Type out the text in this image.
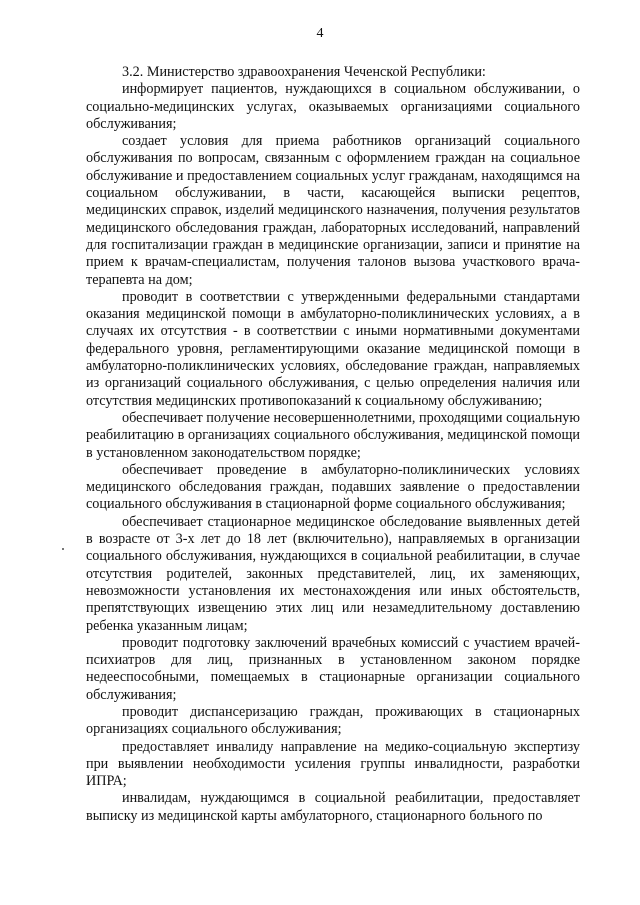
4

3.2. Министерство здравоохранения Чеченской Республики:

информирует пациентов, нуждающихся в социальном обслуживании, о социально-медицинских услугах, оказываемых организациями социального обслуживания;

создает условия для приема работников организаций социального обслуживания по вопросам, связанным с оформлением граждан на социальное обслуживание и предоставлением социальных услуг гражданам, находящимся на социальном обслуживании, в части, касающейся выписки рецептов, медицинских справок, изделий медицинского назначения, получения результатов медицинского обследования граждан, лабораторных исследований, направлений для госпитализации граждан в медицинские организации, записи и принятие на прием к врачам-специалистам, получения талонов вызова участкового врача-терапевта на дом;

проводит в соответствии с утвержденными федеральными стандартами оказания медицинской помощи в амбулаторно-поликлинических условиях, а в случаях их отсутствия - в соответствии с иными нормативными документами федерального уровня, регламентирующими оказание медицинской помощи в амбулаторно-поликлинических условиях, обследование граждан, направляемых из организаций социального обслуживания, с целью определения наличия или отсутствия медицинских противопоказаний к социальному обслуживанию;

обеспечивает получение несовершеннолетними, проходящими социальную реабилитацию в организациях социального обслуживания, медицинской помощи в установленном законодательством порядке;

обеспечивает проведение в амбулаторно-поликлинических условиях медицинского обследования граждан, подавших заявление о предоставлении социального обслуживания в стационарной форме социального обслуживания;

обеспечивает стационарное медицинское обследование выявленных детей в возрасте от 3-х лет до 18 лет (включительно), направляемых в организации социального обслуживания, нуждающихся в социальной реабилитации, в случае отсутствия родителей, законных представителей, лиц, их заменяющих, невозможности установления их местонахождения или иных обстоятельств, препятствующих извещению этих лиц или незамедлительному доставлению ребенка указанным лицам;

проводит подготовку заключений врачебных комиссий с участием врачей-психиатров для лиц, признанных в установленном законом порядке недееспособными, помещаемых в стационарные организации социального обслуживания;

проводит диспансеризацию граждан, проживающих в стационарных организациях социального обслуживания;

предоставляет инвалиду направление на медико-социальную экспертизу при выявлении необходимости усиления группы инвалидности, разработки ИПРА;

инвалидам, нуждающимся в социальной реабилитации, предоставляет выписку из медицинской карты амбулаторного, стационарного больного по
